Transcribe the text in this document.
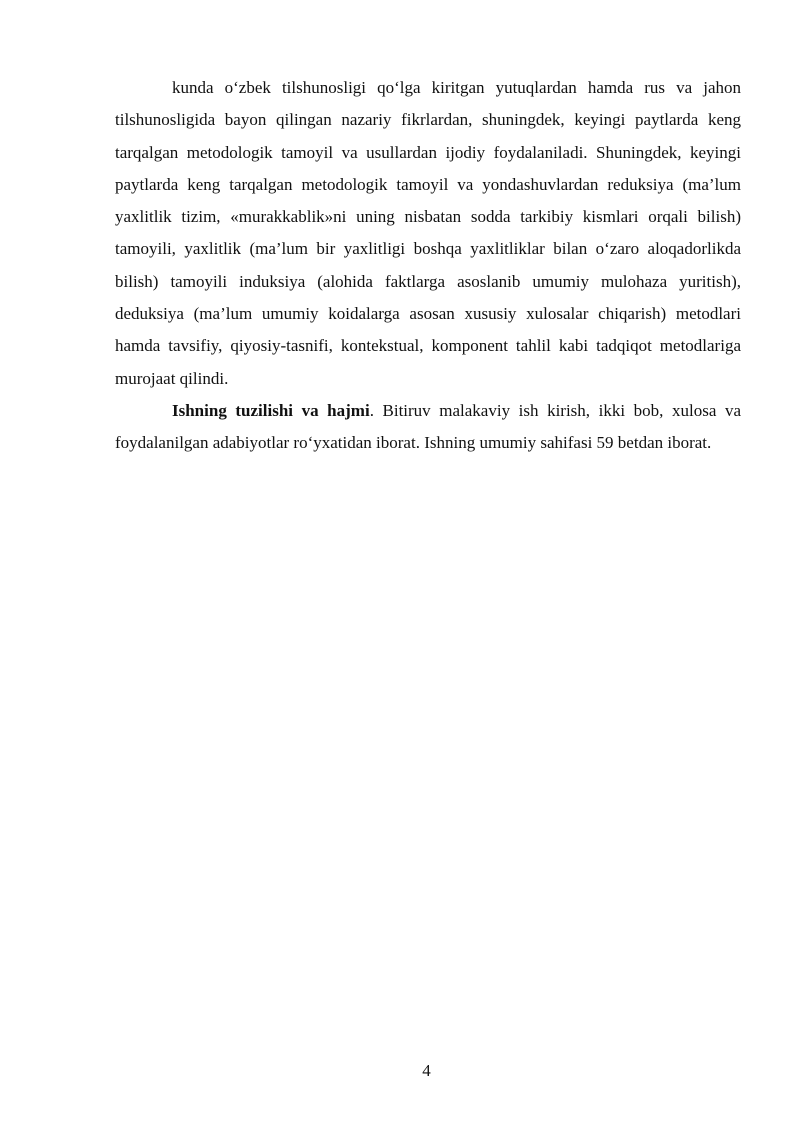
kunda o‘zbek tilshunosligi qo‘lga kiritgan yutuqlardan hamda rus va jahon tilshunosligida bayon qilingan nazariy fikrlardan, shuningdek, keyingi paytlarda keng tarqalgan metodologik tamoyil va usullardan ijodiy foydalaniladi. Shuningdek, keyingi paytlarda keng tarqalgan metodologik tamoyil va yondashuvlardan reduksiya (ma’lum yaxlitlik tizim, «murakkablik»ni uning nisbatan sodda tarkibiy kismlari orqali bilish) tamoyili, yaxlitlik (ma’lum bir yaxlitligi boshqa yaxlitliklar bilan o‘zaro aloqadorlikda bilish) tamoyili induksiya (alohida faktlarga asoslanib umumiy mulohaza yuritish), deduksiya (ma’lum umumiy koidalarga asosan xususiy xulosalar chiqarish) metodlari hamda tavsifiy, qiyosiy-tasnifi, kontekstual, komponent tahlil kabi tadqiqot metodlariga murojaat qilindi.

Ishning tuzilishi va hajmi. Bitiruv malakaviy ish kirish, ikki bob, xulosa va foydalanilgan adabiyotlar ro‘yxatidan iborat. Ishning umumiy sahifasi 59 betdan iborat.

4
